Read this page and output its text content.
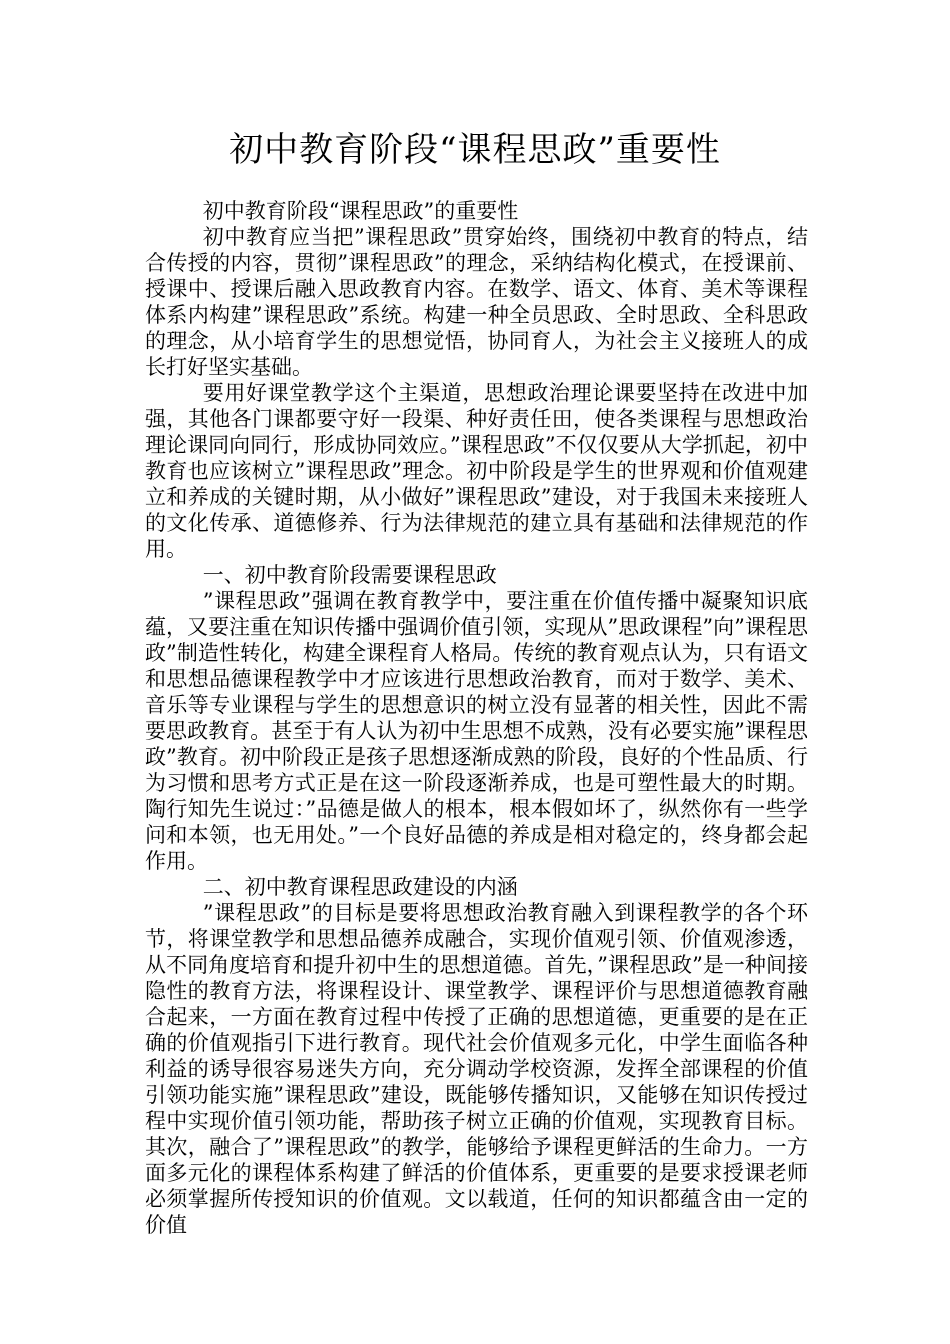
初中教育阶段“课程思政”重要性

初中教育阶段“课程思政”的重要性

初中教育应当把”课程思政”贯穿始终，围绕初中教育的特点，结合传授的内容，贯彻”课程思政”的理念，采纳结构化模式，在授课前、授课中、授课后融入思政教育内容。在数学、语文、体育、美术等课程体系内构建”课程思政”系统。构建一种全员思政、全时思政、全科思政的理念，从小培育学生的思想觉悟，协同育人，为社会主义接班人的成长打好坚实基础。

要用好课堂教学这个主渠道，思想政治理论课要坚持在改进中加强，其他各门课都要守好一段渠、种好责任田，使各类课程与思想政治理论课同向同行，形成协同效应。”课程思政”不仅仅要从大学抓起，初中教育也应该树立”课程思政”理念。初中阶段是学生的世界观和价值观建立和养成的关键时期，从小做好”课程思政”建设，对于我国未来接班人的文化传承、道德修养、行为法律规范的建立具有基础和法律规范的作用。

一、初中教育阶段需要课程思政

”课程思政”强调在教育教学中，要注重在价值传播中凝聚知识底蕴，又要注重在知识传播中强调价值引领，实现从”思政课程”向”课程思政”制造性转化，构建全课程育人格局。传统的教育观点认为，只有语文和思想品德课程教学中才应该进行思想政治教育，而对于数学、美术、音乐等专业课程与学生的思想意识的树立没有显著的相关性，因此不需要思政教育。甚至于有人认为初中生思想不成熟，没有必要实施”课程思政”教育。初中阶段正是孩子思想逐渐成熟的阶段，良好的个性品质、行为习惯和思考方式正是在这一阶段逐渐养成，也是可塑性最大的时期。陶行知先生说过：”品德是做人的根本，根本假如坏了，纵然你有一些学问和本领，也无用处。”一个良好品德的养成是相对稳定的，终身都会起作用。

二、初中教育课程思政建设的内涵

”课程思政”的目标是要将思想政治教育融入到课程教学的各个环节，将课堂教学和思想品德养成融合，实现价值观引领、价值观渗透，从不同角度培育和提升初中生的思想道德。首先，”课程思政”是一种间接隐性的教育方法，将课程设计、课堂教学、课程评价与思想道德教育融合起来，一方面在教育过程中传授了正确的思想道德，更重要的是在正确的价值观指引下进行教育。现代社会价值观多元化，中学生面临各种利益的诱导很容易迷失方向，充分调动学校资源，发挥全部课程的价值引领功能实施”课程思政”建设，既能够传播知识，又能够在知识传授过程中实现价值引领功能，帮助孩子树立正确的价值观，实现教育目标。其次，融合了”课程思政”的教学，能够给予课程更鲜活的生命力。一方面多元化的课程体系构建了鲜活的价值体系，更重要的是要求授课老师必须掌握所传授知识的价值观。文以载道，任何的知识都蕴含由一定的价值
